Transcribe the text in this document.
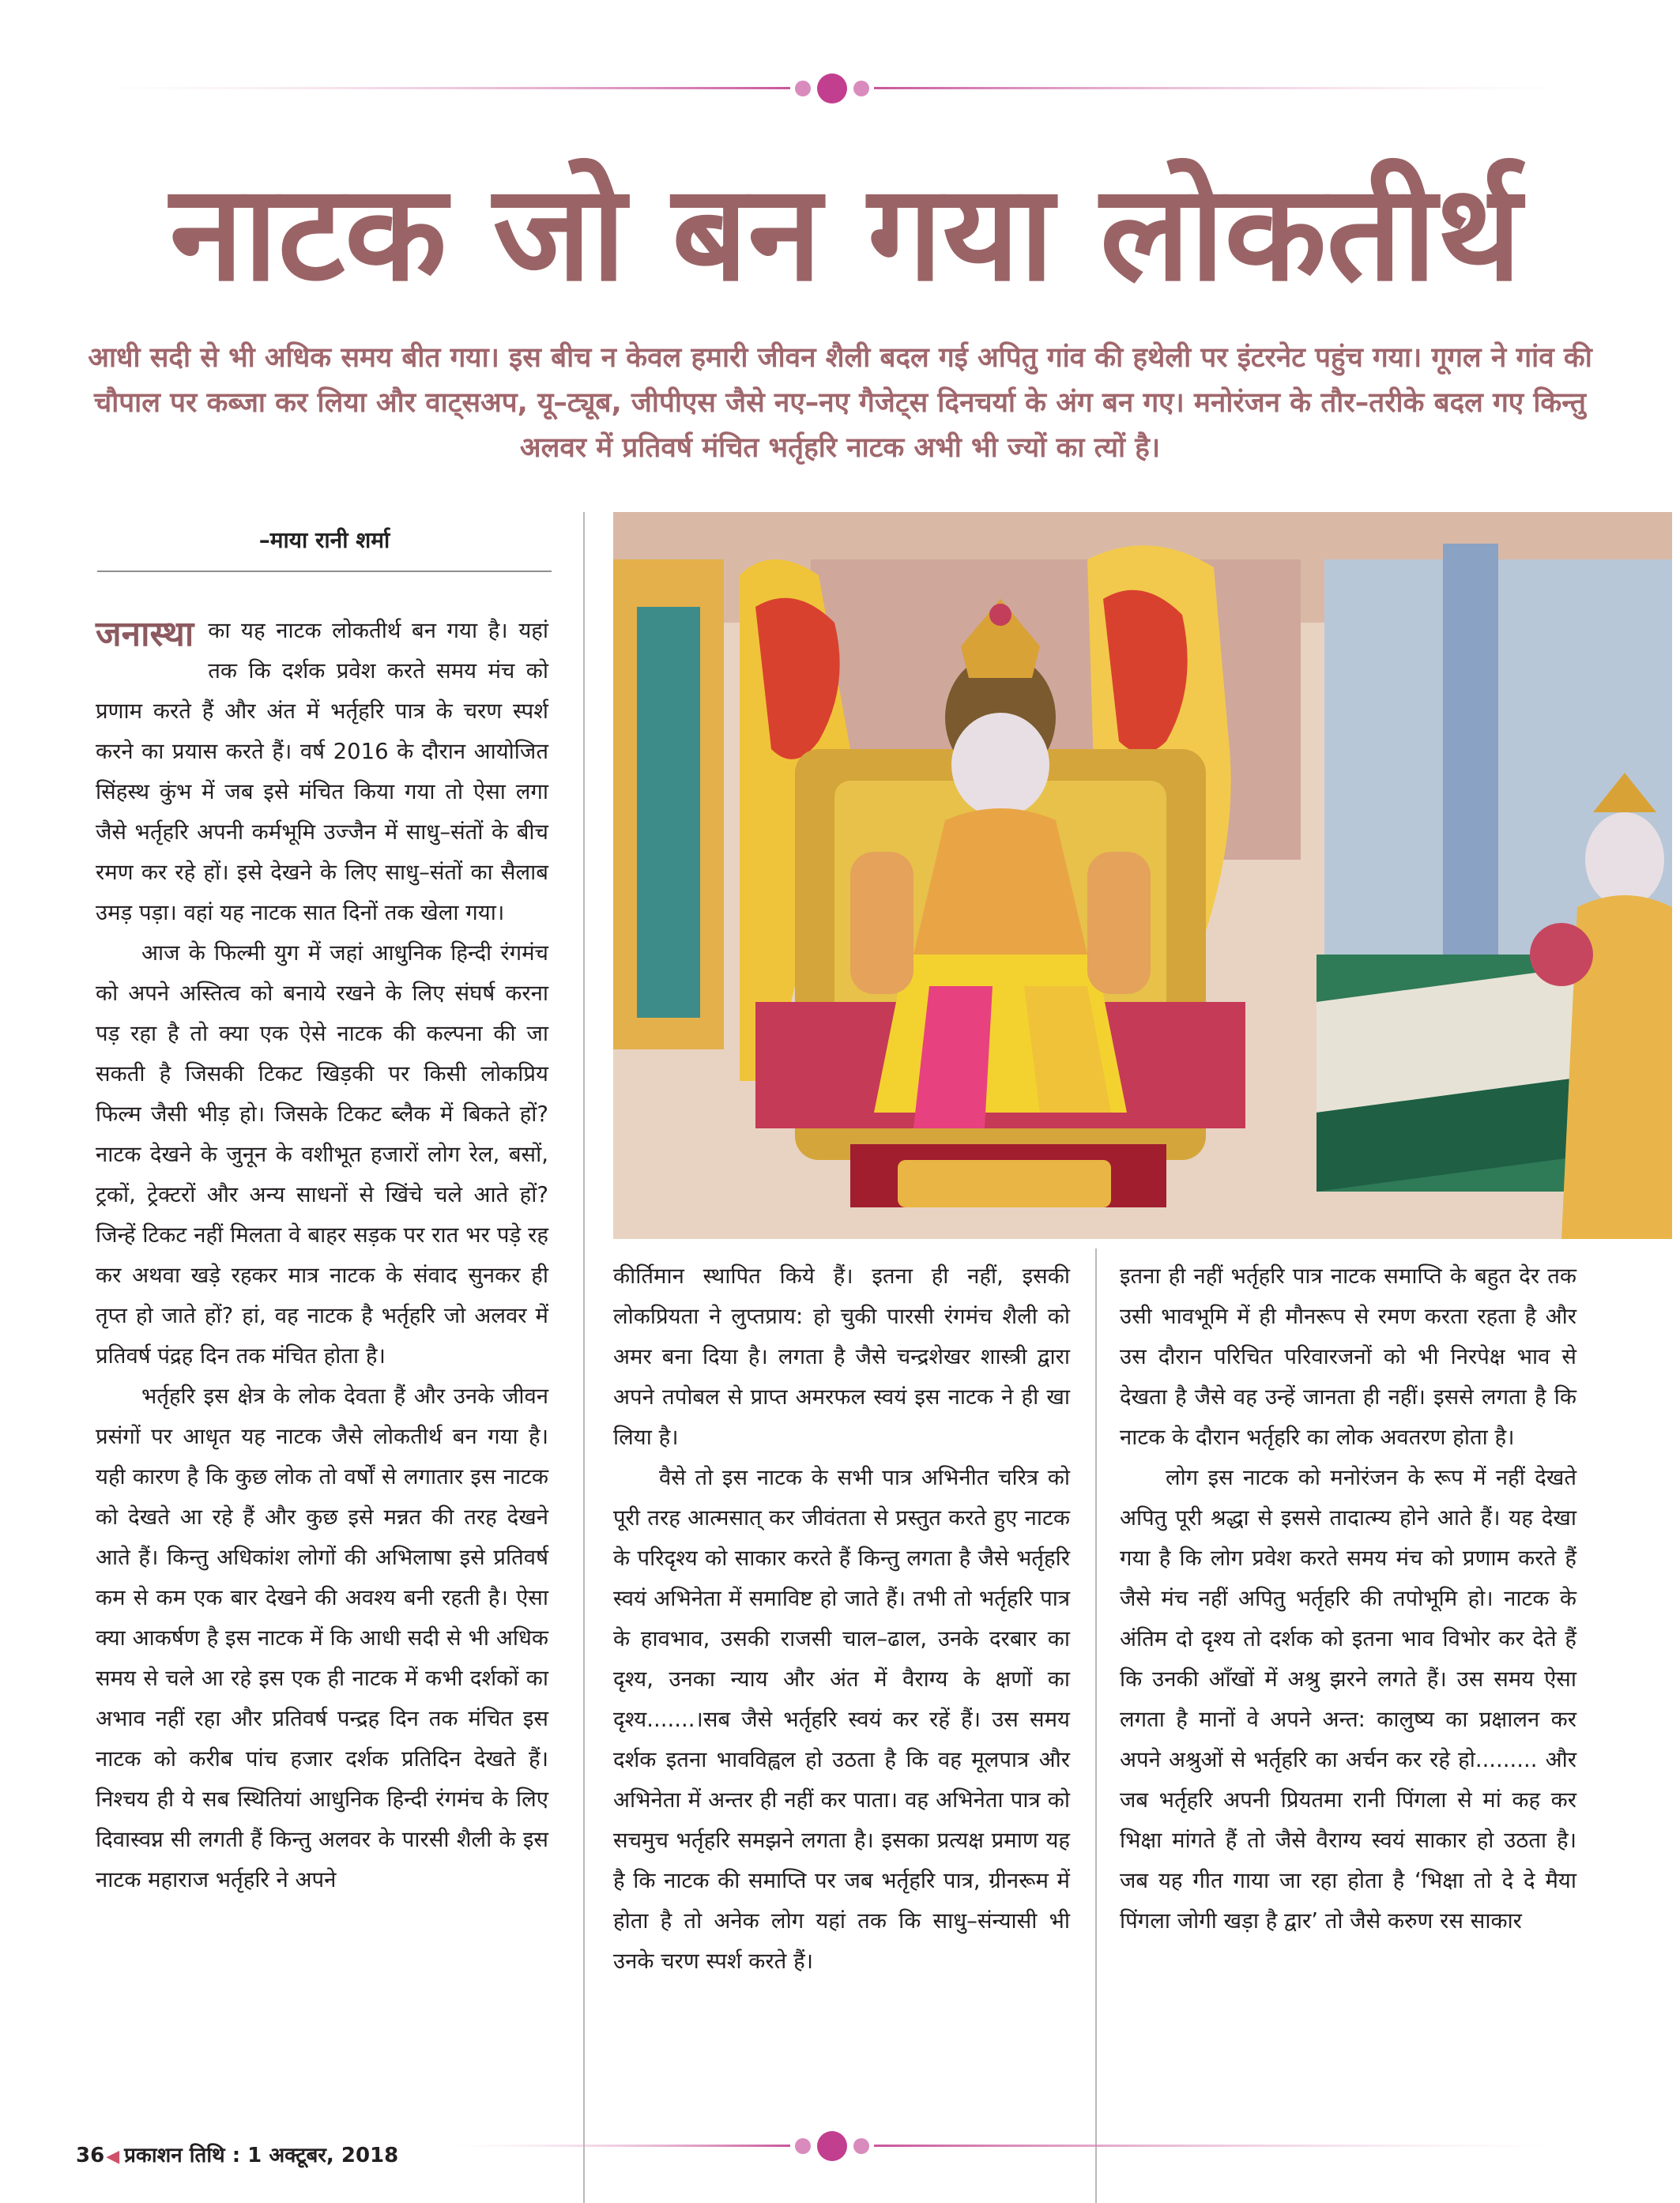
नाटक जो बन गया लोकतीर्थ

आधी सदी से भी अधिक समय बीत गया। इस बीच न केवल हमारी जीवन शैली बदल गई अपितु गांव की हथेली पर इंटरनेट पहुंच गया। गूगल ने गांव की चौपाल पर कब्जा कर लिया और वाट्सअप, यू–ट्यूब, जीपीएस जैसे नए–नए गैजेट्स दिनचर्या के अंग बन गए। मनोरंजन के तौर–तरीके बदल गए किन्तु अलवर में प्रतिवर्ष मंचित भर्तृहरि नाटक अभी भी ज्यों का त्यों है।

–माया रानी शर्मा

जनास्था का यह नाटक लोकतीर्थ बन गया है। यहां तक कि दर्शक प्रवेश करते समय मंच को प्रणाम करते हैं और अंत में भर्तृहरि पात्र के चरण स्पर्श करने का प्रयास करते हैं। वर्ष 2016 के दौरान आयोजित सिंहस्थ कुंभ में जब इसे मंचित किया गया तो ऐसा लगा जैसे भर्तृहरि अपनी कर्मभूमि उज्जैन में साधु–संतों के बीच रमण कर रहे हों। इसे देखने के लिए साधु–संतों का सैलाब उमड़ पड़ा। वहां यह नाटक सात दिनों तक खेला गया।

आज के फिल्मी युग में जहां आधुनिक हिन्दी रंगमंच को अपने अस्तित्व को बनाये रखने के लिए संघर्ष करना पड़ रहा है तो क्या एक ऐसे नाटक की कल्पना की जा सकती है जिसकी टिकट खिड़की पर किसी लोकप्रिय फिल्म जैसी भीड़ हो। जिसके टिकट ब्लैक में बिकते हों? नाटक देखने के जुनून के वशीभूत हजारों लोग रेल, बसों, ट्रकों, ट्रेक्टरों और अन्य साधनों से खिंचे चले आते हों? जिन्हें टिकट नहीं मिलता वे बाहर सड़क पर रात भर पड़े रह कर अथवा खड़े रहकर मात्र नाटक के संवाद सुनकर ही तृप्त हो जाते हों? हां, वह नाटक है भर्तृहरि जो अलवर में प्रतिवर्ष पंद्रह दिन तक मंचित होता है।

भर्तृहरि इस क्षेत्र के लोक देवता हैं और उनके जीवन प्रसंगों पर आधृत यह नाटक जैसे लोकतीर्थ बन गया है। यही कारण है कि कुछ लोक तो वर्षों से लगातार इस नाटक को देखते आ रहे हैं और कुछ इसे मन्नत की तरह देखने आते हैं। किन्तु अधिकांश लोगों की अभिलाषा इसे प्रतिवर्ष कम से कम एक बार देखने की अवश्य बनी रहती है। ऐसा क्या आकर्षण है इस नाटक में कि आधी सदी से भी अधिक समय से चले आ रहे इस एक ही नाटक में कभी दर्शकों का अभाव नहीं रहा और प्रतिवर्ष पन्द्रह दिन तक मंचित इस नाटक को करीब पांच हजार दर्शक प्रतिदिन देखते हैं। निश्चय ही ये सब स्थितियां आधुनिक हिन्दी रंगमंच के लिए दिवास्वप्न सी लगती हैं किन्तु अलवर के पारसी शैली के इस नाटक महाराज भर्तृहरि ने अपने

कीर्तिमान स्थापित किये हैं। इतना ही नहीं, इसकी लोकप्रियता ने लुप्तप्राय: हो चुकी पारसी रंगमंच शैली को अमर बना दिया है। लगता है जैसे चन्द्रशेखर शास्त्री द्वारा अपने तपोबल से प्राप्त अमरफल स्वयं इस नाटक ने ही खा लिया है।

वैसे तो इस नाटक के सभी पात्र अभिनीत चरित्र को पूरी तरह आत्मसात् कर जीवंतता से प्रस्तुत करते हुए नाटक के परिदृश्य को साकार करते हैं किन्तु लगता है जैसे भर्तृहरि स्वयं अभिनेता में समाविष्ट हो जाते हैं। तभी तो भर्तृहरि पात्र के हावभाव, उसकी राजसी चाल–ढाल, उनके दरबार का दृश्य, उनका न्याय और अंत में वैराग्य के क्षणों का दृश्य.......।सब जैसे भर्तृहरि स्वयं कर रहें हैं। उस समय दर्शक इतना भावविह्वल हो उठता है कि वह मूलपात्र और अभिनेता में अन्तर ही नहीं कर पाता। वह अभिनेता पात्र को सचमुच भर्तृहरि समझने लगता है। इसका प्रत्यक्ष प्रमाण यह है कि नाटक की समाप्ति पर जब भर्तृहरि पात्र, ग्रीनरूम में होता है तो अनेक लोग यहां तक कि साधु–संन्यासी भी उनके चरण स्पर्श करते हैं।

इतना ही नहीं भर्तृहरि पात्र नाटक समाप्ति के बहुत देर तक उसी भावभूमि में ही मौनरूप से रमण करता रहता है और उस दौरान परिचित परिवारजनों को भी निरपेक्ष भाव से देखता है जैसे वह उन्हें जानता ही नहीं। इससे लगता है कि नाटक के दौरान भर्तृहरि का लोक अवतरण होता है।

लोग इस नाटक को मनोरंजन के रूप में नहीं देखते अपितु पूरी श्रद्धा से इससे तादात्म्य होने आते हैं। यह देखा गया है कि लोग प्रवेश करते समय मंच को प्रणाम करते हैं जैसे मंच नहीं अपितु भर्तृहरि की तपोभूमि हो। नाटक के अंतिम दो दृश्य तो दर्शक को इतना भाव विभोर कर देते हैं कि उनकी आँखों में अश्रु झरने लगते हैं। उस समय ऐसा लगता है मानों वे अपने अन्त: कालुष्य का प्रक्षालन कर अपने अश्रुओं से भर्तृहरि का अर्चन कर रहे हो......... और जब भर्तृहरि अपनी प्रियतमा रानी पिंगला से मां कह कर भिक्षा मांगते हैं तो जैसे वैराग्य स्वयं साकार हो उठता है। जब यह गीत गाया जा रहा होता है ‘भिक्षा तो दे दे मैया पिंगला जोगी खड़ा है द्वार’ तो जैसे करुण रस साकार

36◀ प्रकाशन तिथि : 1 अक्टूबर, 2018
